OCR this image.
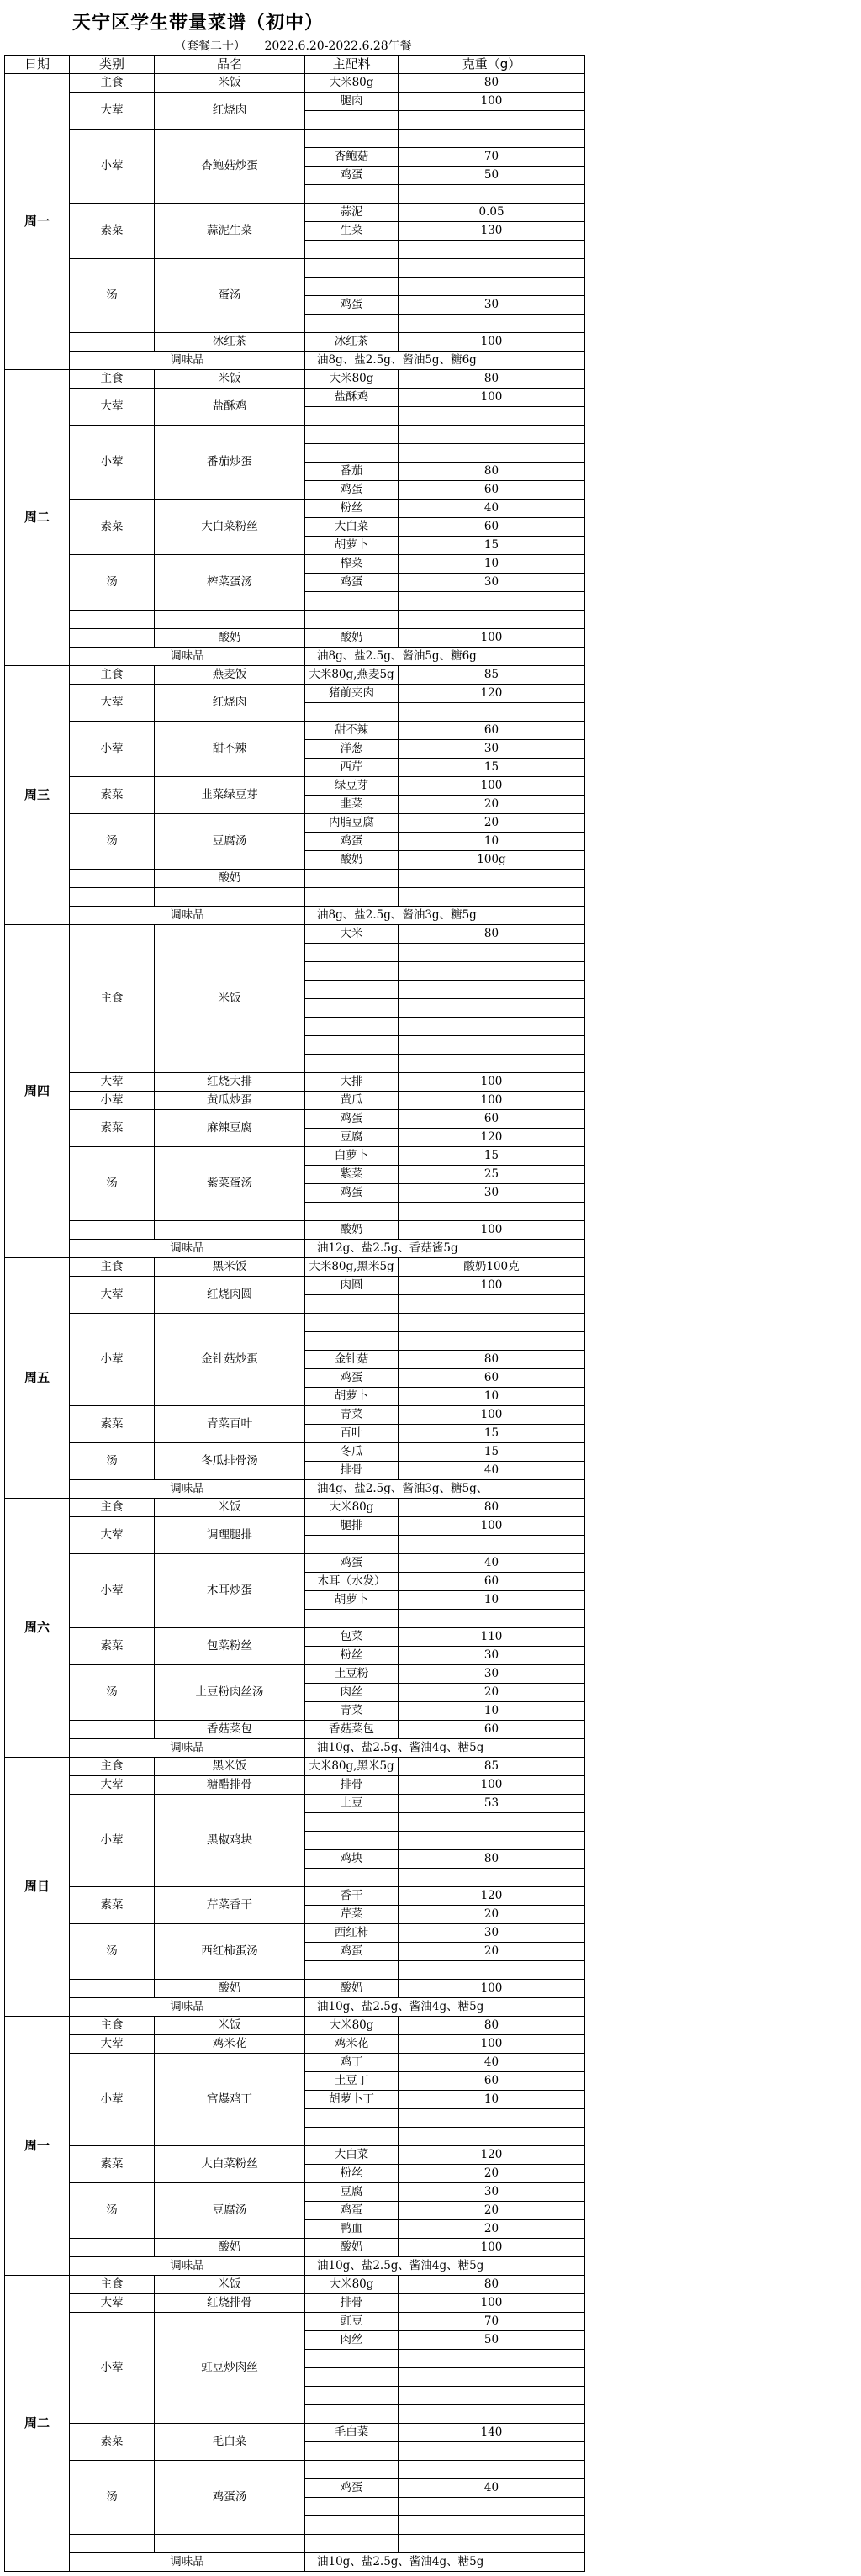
天宁区学生带量菜谱（初中）
（套餐二十） 2022.6.20-2022.6.28午餐
日期	类别	品名	主配料	克重（g）
周一	主食	米饭	大米80g	80
	大荤	红烧肉	腿肉	100

	小荤	杏鲍菇炒蛋		
			杏鲍菇	70
			鸡蛋	50

	素菜	蒜泥生菜	蒜泥	0.05
			生菜	130

	汤	蛋汤		

			鸡蛋	30

		冰红茶	冰红茶	100
	调味品		油8g、盐2.5g、酱油5g、糖6g	
周二	主食	米饭	大米80g	80
	大荤	盐酥鸡	盐酥鸡	100

	小荤	番茄炒蛋		

			番茄	80
			鸡蛋	60
	素菜	大白菜粉丝	粉丝	40
			大白菜	60
			胡萝卜	15
	汤	榨菜蛋汤	榨菜	10
			鸡蛋	30

		酸奶	酸奶	100
	调味品		油8g、盐2.5g、酱油5g、糖6g	
周三	主食	燕麦饭	大米80g,燕麦5g	85
	大荤	红烧肉	猪前夹肉	120

	小荤	甜不辣	甜不辣	60
			洋葱	30
			西芹	15
	素菜	韭菜绿豆芽	绿豆芽	100
			韭菜	20
	汤	豆腐汤	内脂豆腐	20
			鸡蛋	10
			酸奶	100g
		酸奶		

	调味品		油8g、盐2.5g、酱油3g、糖5g	
周四	主食	米饭	大米	80

	大荤	红烧大排	大排	100
	小荤	黄瓜炒蛋	黄瓜	100
	素菜	麻辣豆腐	鸡蛋	60
			豆腐	120
	汤	紫菜蛋汤	白萝卜	15
			紫菜	25
			鸡蛋	30

			酸奶	100
	调味品		油12g、盐2.5g、香菇酱5g	
周五	主食	黑米饭	大米80g,黑米5g	酸奶100克
	大荤	红烧肉圆	肉圆	100

	小荤	金针菇炒蛋		

			金针菇	80
			鸡蛋	60
			胡萝卜	10
	素菜	青菜百叶	青菜	100
			百叶	15
	汤	冬瓜排骨汤	冬瓜	15
			排骨	40
	调味品		油4g、盐2.5g、酱油3g、糖5g、	
周六	主食	米饭	大米80g	80
	大荤	调理腿排	腿排	100

	小荤	木耳炒蛋	鸡蛋	40
			木耳（水发）	60
			胡萝卜	10

	素菜	包菜粉丝	包菜	110
			粉丝	30
	汤	土豆粉肉丝汤	土豆粉	30
			肉丝	20
			青菜	10
		香菇菜包	香菇菜包	60
	调味品		油10g、盐2.5g、酱油4g、糖5g	
周日	主食	黑米饭	大米80g,黑米5g	85
	大荤	糖醋排骨	排骨	100
	小荤	黑椒鸡块	土豆	53

			鸡块	80

	素菜	芹菜香干	香干	120
			芹菜	20
	汤	西红柿蛋汤	西红柿	30
			鸡蛋	20

		酸奶	酸奶	100
	调味品		油10g、盐2.5g、酱油4g、糖5g	
周一	主食	米饭	大米80g	80
	大荤	鸡米花	鸡米花	100
	小荤	宫爆鸡丁	鸡丁	40
			土豆丁	60
			胡萝卜丁	10

	素菜	大白菜粉丝	大白菜	120
			粉丝	20
	汤	豆腐汤	豆腐	30
			鸡蛋	20
			鸭血	20
		酸奶	酸奶	100
	调味品		油10g、盐2.5g、酱油4g、糖5g	
周二	主食	米饭	大米80g	80
	大荤	红烧排骨	排骨	100
	小荤	豇豆炒肉丝	豇豆	70
			肉丝	50

	素菜	毛白菜	毛白菜	140

	汤	鸡蛋汤		
			鸡蛋	40

	调味品		油10g、盐2.5g、酱油4g、糖5g	
